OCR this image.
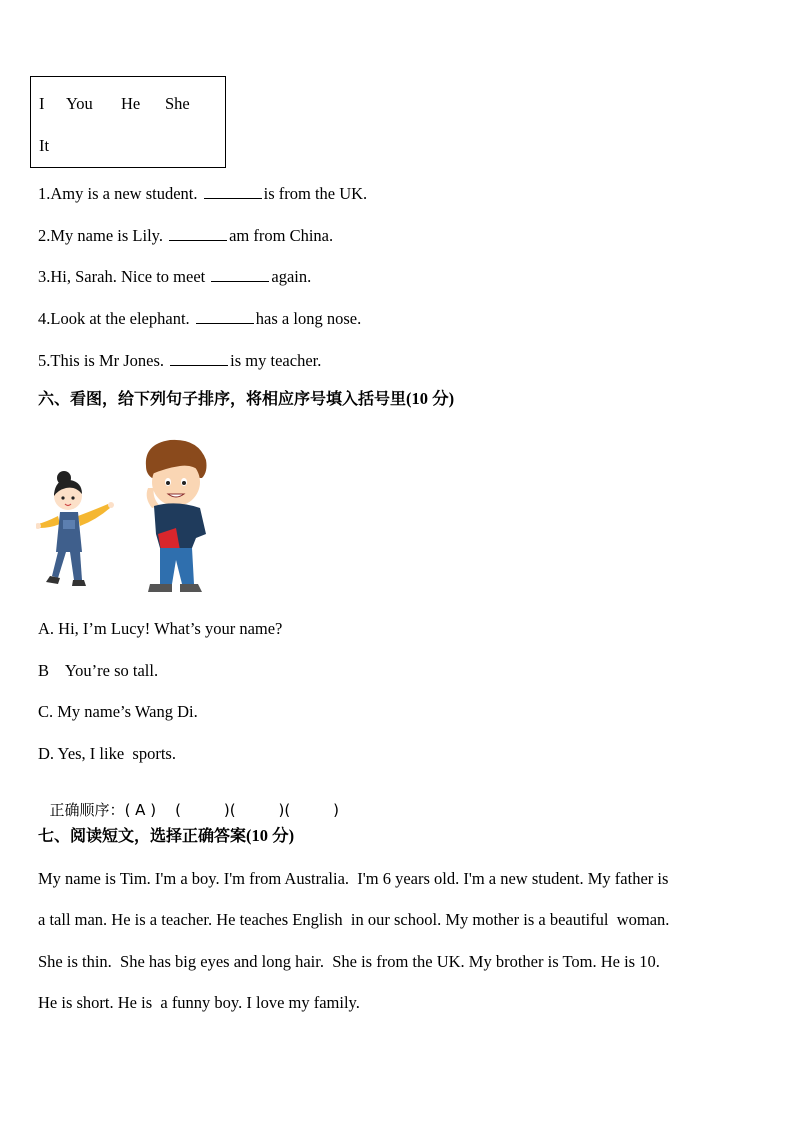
I You He She
It
1.Amy is a new student.	is from the UK.
2.My name is Lily.	am from China.
3.Hi, Sarah. Nice to meet	again.
4.Look at the elephant.	has a long nose.
5.This is Mr Jones.	is my teacher.
六、看图，给下列句子排序，将相应序号填入括号里(10 分)
A. Hi, I’m Lucy! What’s your name?
B    You’re so tall.
C. My name’s Wang Di.
D. Yes, I like  sports.

正确顺序：( A ) (         )(         )(         )

七、阅读短文，选择正确答案(10 分)
My name is Tim. I'm a boy. I'm from Australia.  I'm 6 years old. I'm a new student. My father is
a tall man. He is a teacher. He teaches English  in our school. My mother is a beautiful  woman.
She is thin.  She has big eyes and long hair.  She is from the UK. My brother is Tom. He is 10.
He is short. He is  a funny boy. I love my family.
